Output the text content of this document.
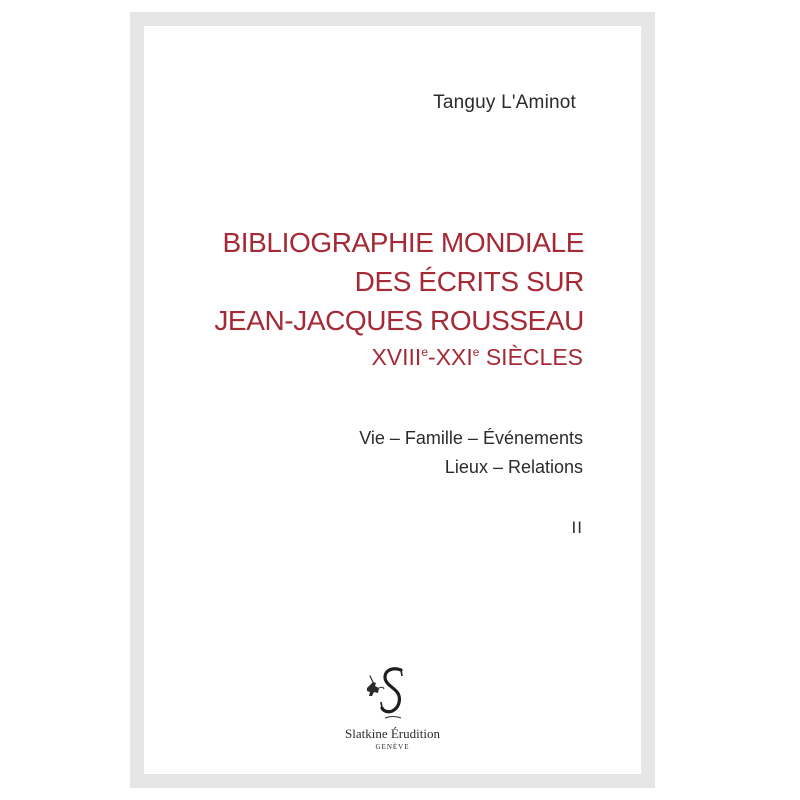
Tanguy L'Aminot
BIBLIOGRAPHIE MONDIALE
DES ÉCRITS SUR
JEAN-JACQUES ROUSSEAU
XVIIIe-XXIe SIÈCLES
Vie – Famille – Événements
Lieux – Relations
II
Slatkine Érudition
GENÈVE
